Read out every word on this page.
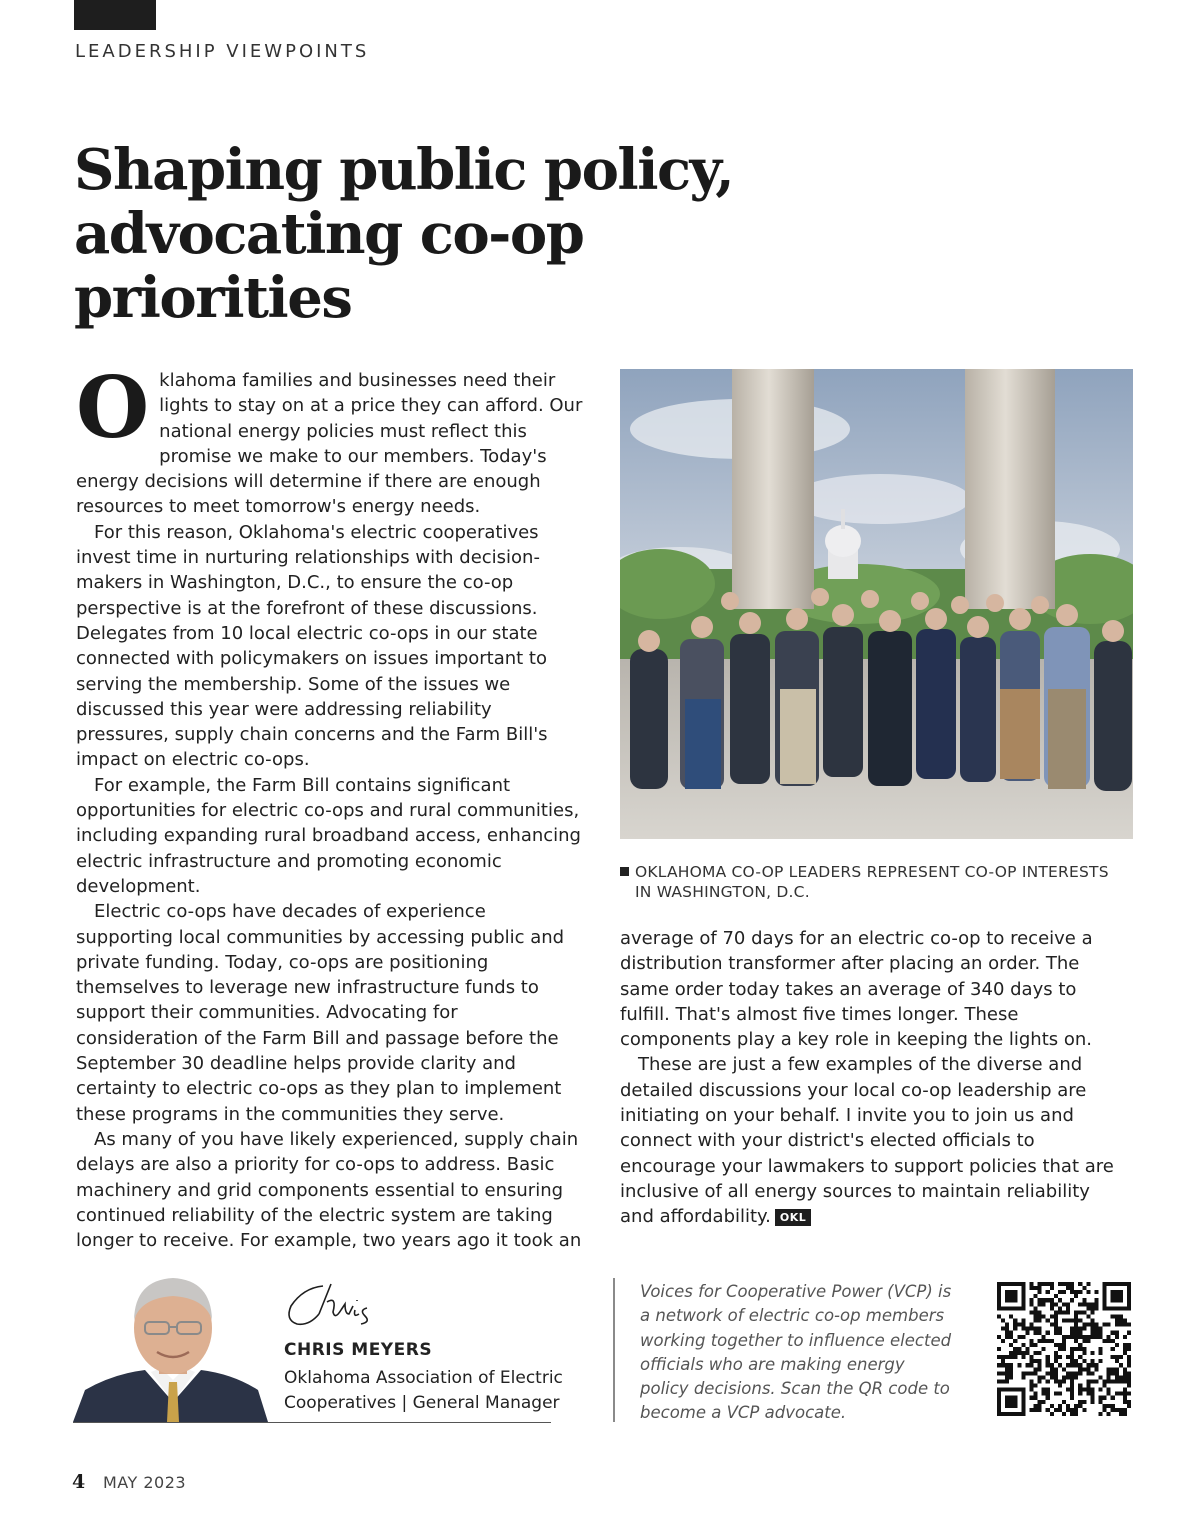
LEADERSHIP VIEWPOINTS
Shaping public policy, advocating co-op priorities

Oklahoma families and businesses need their lights to stay on at a price they can afford. Our national energy policies must reflect this promise we make to our members. Today's energy decisions will determine if there are enough resources to meet tomorrow's energy needs.

For this reason, Oklahoma's electric cooperatives invest time in nurturing relationships with decision-makers in Washington, D.C., to ensure the co-op perspective is at the forefront of these discussions. Delegates from 10 local electric co-ops in our state connected with policymakers on issues important to serving the membership. Some of the issues we discussed this year were addressing reliability pressures, supply chain concerns and the Farm Bill's impact on electric co-ops.

For example, the Farm Bill contains significant opportunities for electric co-ops and rural communities, including expanding rural broadband access, enhancing electric infrastructure and promoting economic development.

Electric co-ops have decades of experience supporting local communities by accessing public and private funding. Today, co-ops are positioning themselves to leverage new infrastructure funds to support their communities. Advocating for consideration of the Farm Bill and passage before the September 30 deadline helps provide clarity and certainty to electric co-ops as they plan to implement these programs in the communities they serve.

As many of you have likely experienced, supply chain delays are also a priority for co-ops to address. Basic machinery and grid components essential to ensuring continued reliability of the electric system are taking longer to receive. For example, two years ago it took an

OKLAHOMA CO-OP LEADERS REPRESENT CO-OP INTERESTS IN WASHINGTON, D.C.

average of 70 days for an electric co-op to receive a distribution transformer after placing an order. The same order today takes an average of 340 days to fulfill. That's almost five times longer. These components play a key role in keeping the lights on.

These are just a few examples of the diverse and detailed discussions your local co-op leadership are initiating on your behalf. I invite you to join us and connect with your district's elected officials to encourage your lawmakers to support policies that are inclusive of all energy sources to maintain reliability and affordability. OKL

CHRIS MEYERS
Oklahoma Association of Electric
Cooperatives | General Manager
Voices for Cooperative Power (VCP) is a network of electric co-op members working together to influence elected officials who are making energy policy decisions. Scan the QR code to become a VCP advocate.
4 MAY 2023
